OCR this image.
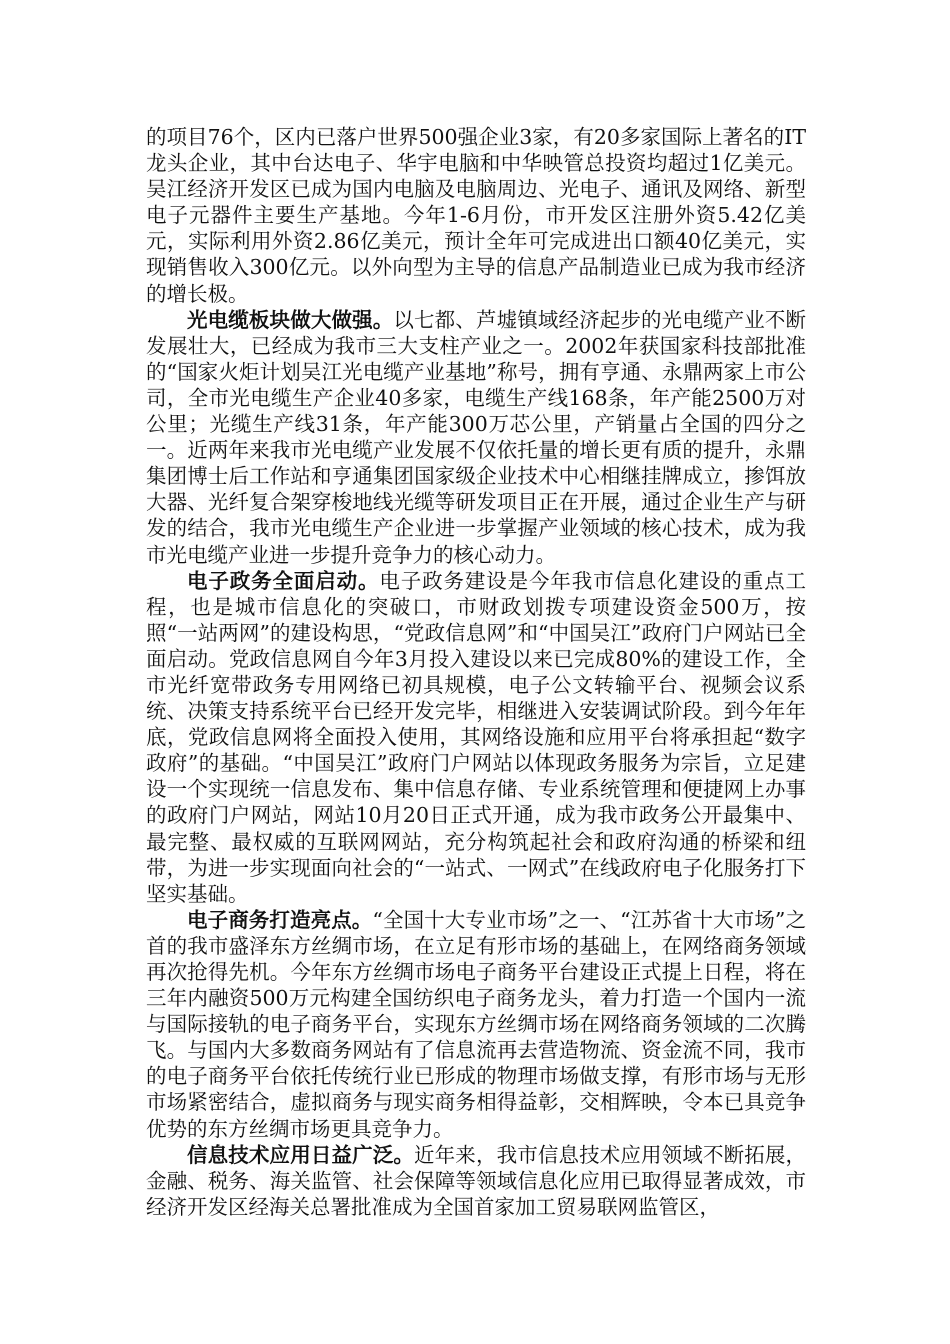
的项目76个，区内已落户世界500强企业3家，有20多家国际上著名的IT龙头企业，其中台达电子、华宇电脑和中华映管总投资均超过1亿美元。吴江经济开发区已成为国内电脑及电脑周边、光电子、通讯及网络、新型电子元器件主要生产基地。今年1-6月份，市开发区注册外资5.42亿美元，实际利用外资2.86亿美元，预计全年可完成进出口额40亿美元，实现销售收入300亿元。以外向型为主导的信息产品制造业已成为我市经济的增长极。

光电缆板块做大做强。以七都、芦墟镇域经济起步的光电缆产业不断发展壮大，已经成为我市三大支柱产业之一。2002年获国家科技部批准的“国家火炬计划吴江光电缆产业基地”称号，拥有亨通、永鼎两家上市公司，全市光电缆生产企业40多家，电缆生产线168条，年产能2500万对公里；光缆生产线31条，年产能300万芯公里，产销量占全国的四分之一。近两年来我市光电缆产业发展不仅依托量的增长更有质的提升，永鼎集团博士后工作站和亨通集团国家级企业技术中心相继挂牌成立，掺饵放大器、光纤复合架穿梭地线光缆等研发项目正在开展，通过企业生产与研发的结合，我市光电缆生产企业进一步掌握产业领域的核心技术，成为我市光电缆产业进一步提升竞争力的核心动力。

电子政务全面启动。电子政务建设是今年我市信息化建设的重点工程，也是城市信息化的突破口，市财政划拨专项建设资金500万，按照“一站两网”的建设构思，“党政信息网”和“中国吴江”政府门户网站已全面启动。党政信息网自今年3月投入建设以来已完成80%的建设工作，全市光纤宽带政务专用网络已初具规模，电子公文转输平台、视频会议系统、决策支持系统平台已经开发完毕，相继进入安装调试阶段。到今年年底，党政信息网将全面投入使用，其网络设施和应用平台将承担起“数字政府”的基础。“中国吴江”政府门户网站以体现政务服务为宗旨，立足建设一个实现统一信息发布、集中信息存储、专业系统管理和便捷网上办事的政府门户网站，网站10月20日正式开通，成为我市政务公开最集中、最完整、最权威的互联网网站，充分构筑起社会和政府沟通的桥梁和纽带，为进一步实现面向社会的“一站式、一网式”在线政府电子化服务打下坚实基础。

电子商务打造亮点。“全国十大专业市场”之一、“江苏省十大市场”之首的我市盛泽东方丝绸市场，在立足有形市场的基础上，在网络商务领域再次抢得先机。今年东方丝绸市场电子商务平台建设正式提上日程，将在三年内融资500万元构建全国纺织电子商务龙头，着力打造一个国内一流与国际接轨的电子商务平台，实现东方丝绸市场在网络商务领域的二次腾飞。与国内大多数商务网站有了信息流再去营造物流、资金流不同，我市的电子商务平台依托传统行业已形成的物理市场做支撑，有形市场与无形市场紧密结合，虚拟商务与现实商务相得益彰，交相辉映，令本已具竞争优势的东方丝绸市场更具竞争力。

信息技术应用日益广泛。近年来，我市信息技术应用领域不断拓展，金融、税务、海关监管、社会保障等领域信息化应用已取得显著成效，市经济开发区经海关总署批准成为全国首家加工贸易联网监管区，
